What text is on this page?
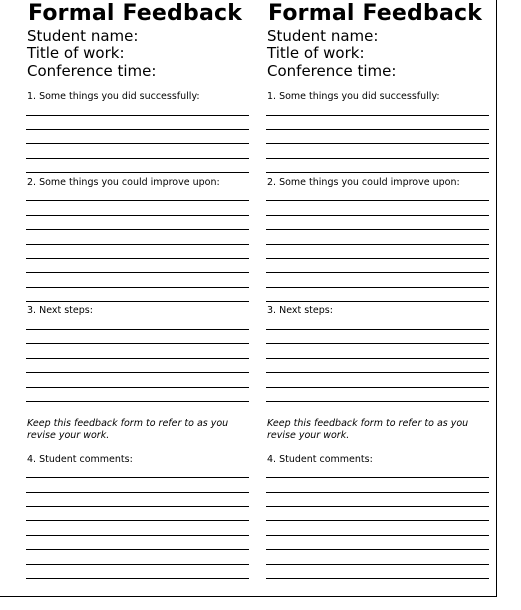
Formal Feedback
Student name:
Title of work:
Conference time:
1. Some things you did successfully:
2. Some things you could improve upon:
3. Next steps:
Keep this feedback form to refer to as you revise your work.
4. Student comments:
Formal Feedback
Student name:
Title of work:
Conference time:
1. Some things you did successfully:
2. Some things you could improve upon:
3. Next steps:
Keep this feedback form to refer to as you revise your work.
4. Student comments:
